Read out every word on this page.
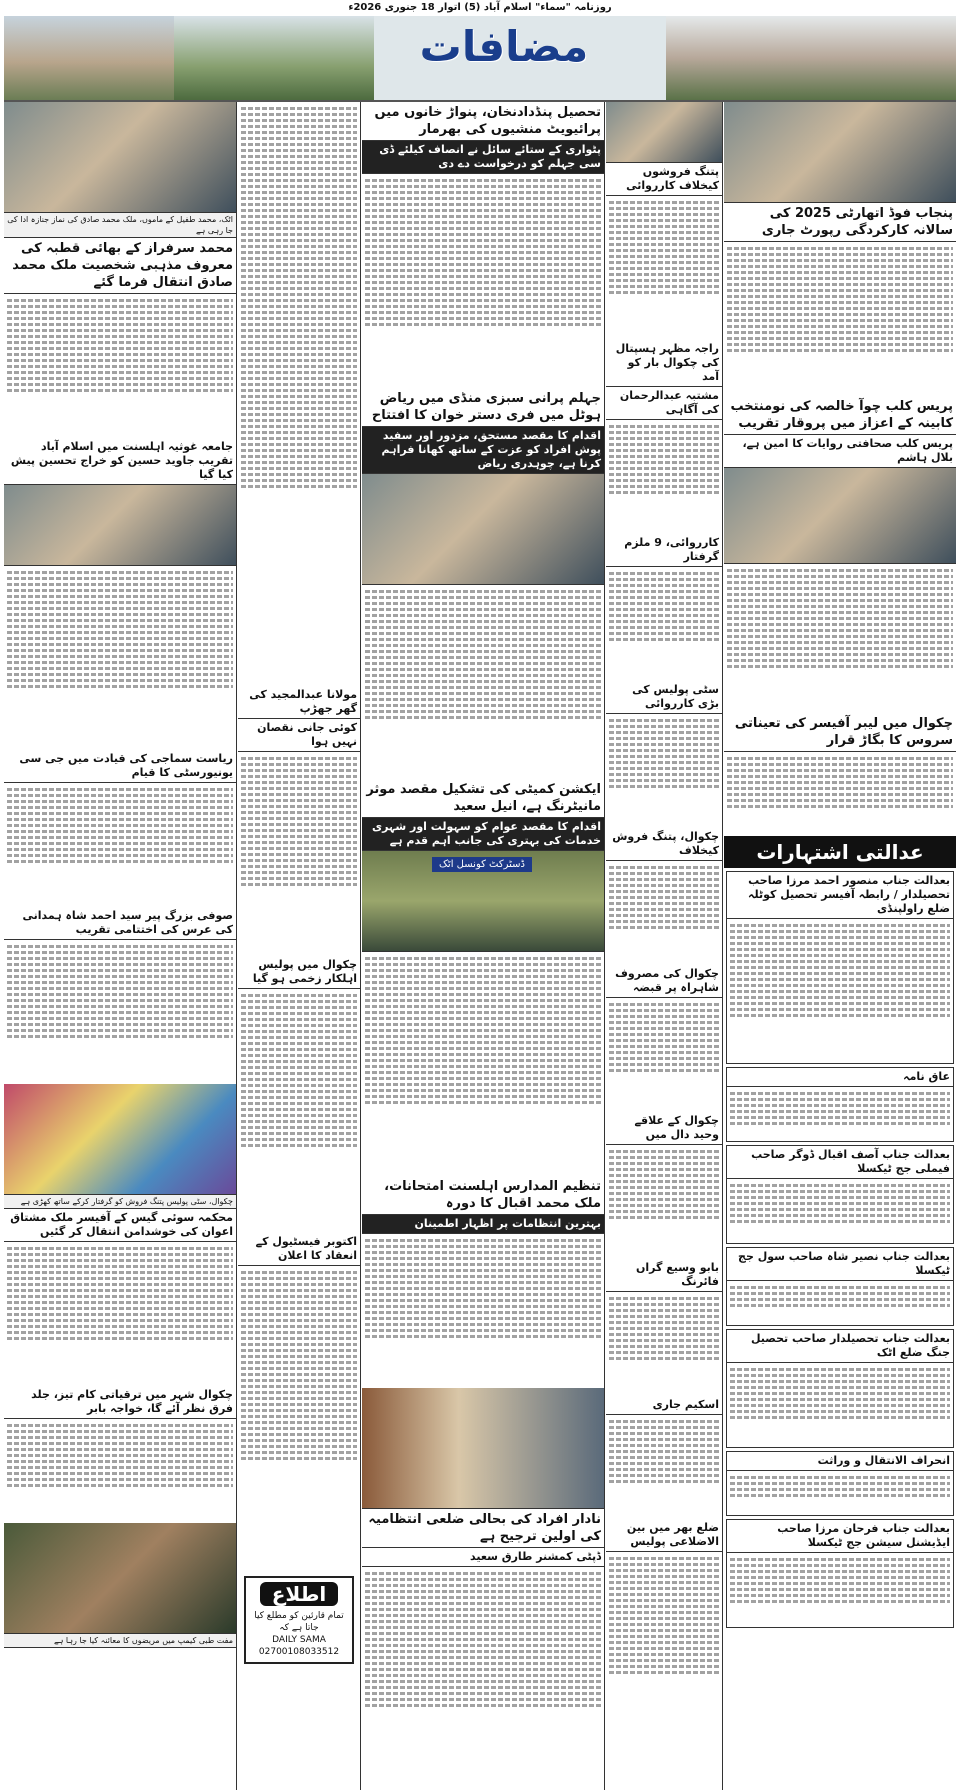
روزنامہ "سماء" اسلام آباد (5) اتوار 18 جنوری 2026ء
مضافات
پنجاب فوڈ اتھارٹی 2025 کی سالانہ کارکردگی رپورٹ جاری
پریس کلب چوآ خالصہ کی نومنتخب کابینہ کے اعزاز میں پروقار تقریب
پریس کلب صحافتی روایات کا امین ہے، بلال ہاشم
چکوال میں لیبر آفیسر کی تعیناتی سروس کا بگاڑ قرار
عدالتی اشتہارات
بعدالت جناب منصور احمد مرزا صاحب تحصیلدار / رابطہ آفیسر تحصیل کوٹلہ ضلع راولپنڈی
عاق نامہ
بعدالت جناب آصف اقبال ڈوگر صاحب فیملی جج ٹیکسلا
بعدالت جناب نصیر شاہ صاحب سول جج ٹیکسلا
بعدالت جناب تحصیلدار صاحب تحصیل جنگ ضلع اٹک
انحراف الانتقال و وراثت
بعدالت جناب فرحان مرزا صاحب ایڈیشنل سیشن جج ٹیکسلا
پتنگ فروشوں کیخلاف کارروائی
راجہ مظہر ہسپتال کی چکوال بار کو آمد
مشتبہ عبدالرحمان کی آگاہی
کارروائی، 9 ملزم گرفتار
سٹی پولیس کی بڑی کارروائی
چکوال، پتنگ فروش کیخلاف
چکوال کی مصروف شاہراہ پر قبضہ
چکوال کے علاقے وحید دال میں
بابو وسیع گراں فائرنگ
اسکیم جاری
ضلع بھر میں بین الاضلاعی پولیس
تحصیل پنڈدادنخان، پنواڑ خانوں میں پرائیویٹ منشیوں کی بھرمار
پٹواری کے ستائے سائل نے انصاف کیلئے ڈی سی جہلم کو درخواست دے دی
جہلم پرانی سبزی منڈی میں ریاض ہوٹل میں فری دستر خوان کا افتتاح
اقدام کا مقصد مستحق، مزدور اور سفید پوش افراد کو عزت کے ساتھ کھانا فراہم کرنا ہے، چوہدری ریاض
ایکشن کمیٹی کی تشکیل مقصد موثر مانیٹرنگ ہے، انیل سعید
اقدام کا مقصد عوام کو سہولت اور شہری خدمات کی بہتری کی جانب اہم قدم ہے
ڈسٹرکٹ کونسل اٹک
تنظیم المدارس اہلسنت امتحانات، ملک محمد اقبال کا دورہ
بہترین انتظامات پر اظہار اطمینان
نادار افراد کی بحالی ضلعی انتظامیہ کی اولین ترجیح ہے
ڈپٹی کمشنر طارق سعید
مولانا عبدالمجید کی گھر جھڑپ
کوئی جانی نقصان نہیں ہوا
چکوال میں پولیس اہلکار زخمی ہو گیا
اکتوبر فیسٹیول کے انعقاد کا اعلان
اطلاع
تمام قارئین کو مطلع کیا جاتا ہے کہ
DAILY SAMA
02700108033512
اٹک، محمد طفیل کے ماموں، ملک محمد صادق کی نماز جنازہ ادا کی جا رہی ہے
محمد سرفراز کے بھائی قطبہ کی معروف مذہبی شخصیت ملک محمد صادق انتقال فرما گئے
جامعہ غوثیہ اہلسنت میں اسلام آباد تقریب جاوید حسین کو خراج تحسین پیش کیا گیا
ریاست سماجی کی قیادت میں جی سی یونیورسٹی کا قیام
صوفی بزرگ پیر سید احمد شاہ ہمدانی کی عرس کی اختتامی تقریب
چکوال، سٹی پولیس پتنگ فروش کو گرفتار کرکے ساتھ کھڑی ہے
محکمہ سوئی گیس کے آفیسر ملک مشتاق اعوان کی خوشدامن انتقال کر گئیں
چکوال شہر میں ترقیاتی کام تیز، جلد فرق نظر آئے گا، خواجہ بابر
مفت طبی کیمپ میں مریضوں کا معائنہ کیا جا رہا ہے
